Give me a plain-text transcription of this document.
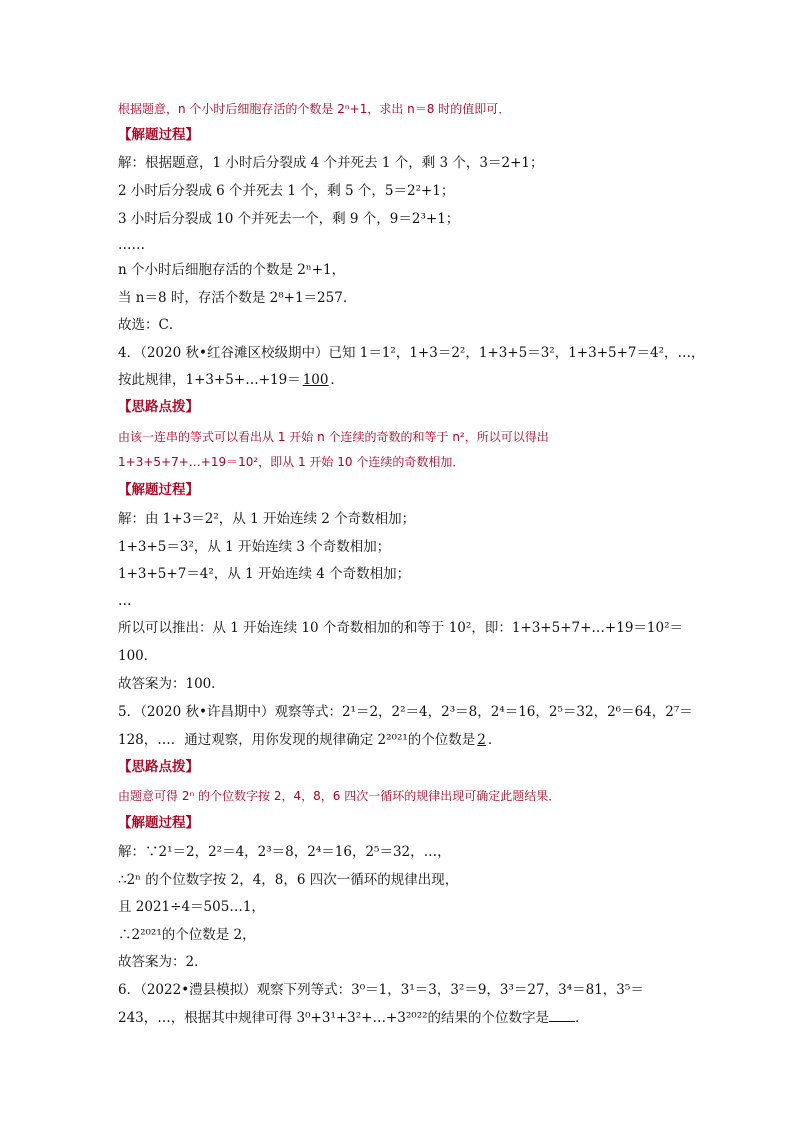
根据题意，n 个小时后细胞存活的个数是 2ⁿ+1，求出 n＝8 时的值即可．
【解题过程】
解：根据题意，1 小时后分裂成 4 个并死去 1 个，剩 3 个，3＝2+1；
2 小时后分裂成 6 个并死去 1 个，剩 5 个，5＝2²+1；
3 小时后分裂成 10 个并死去一个，剩 9 个，9＝2³+1；
……
n 个小时后细胞存活的个数是 2ⁿ+1，
当 n＝8 时，存活个数是 2⁸+1＝257．
故选：C．
4．（2020 秋•红谷滩区校级期中）已知 1＝1²，1+3＝2²，1+3+5＝3²，1+3+5+7＝4²，…，
按此规律，1+3+5+…+19＝ 100 ．
【思路点拨】
由该一连串的等式可以看出从 1 开始 n 个连续的奇数的和等于 n²，所以可以得出
1+3+5+7+…+19＝10²，即从 1 开始 10 个连续的奇数相加．
【解题过程】
解：由 1+3＝2²，从 1 开始连续 2 个奇数相加；
1+3+5＝3²，从 1 开始连续 3 个奇数相加；
1+3+5+7＝4²，从 1 开始连续 4 个奇数相加；
…
所以可以推出：从 1 开始连续 10 个奇数相加的和等于 10²，即：1+3+5+7+…+19＝10²＝
100．
故答案为：100．
5．（2020 秋•许昌期中）观察等式：2¹＝2，2²＝4，2³＝8，2⁴＝16，2⁵＝32，2⁶＝64，2⁷＝
128，…．通过观察，用你发现的规律确定 2²⁰²¹的个位数是 2 ．
【思路点拨】
由题意可得 2ⁿ 的个位数字按 2，4，8，6 四次一循环的规律出现可确定此题结果．
【解题过程】
解：∵2¹＝2，2²＝4，2³＝8，2⁴＝16，2⁵＝32，…，
∴2ⁿ 的个位数字按 2，4，8，6 四次一循环的规律出现，
且 2021÷4＝505…1，
∴2²⁰²¹的个位数是 2，
故答案为：2．
6．（2022•澧县模拟）观察下列等式：3⁰＝1，3¹＝3，3²＝9，3³＝27，3⁴＝81，3⁵＝
243，…，根据其中规律可得 3⁰+3¹+3²+…+3²⁰²²的结果的个位数字是 ．
